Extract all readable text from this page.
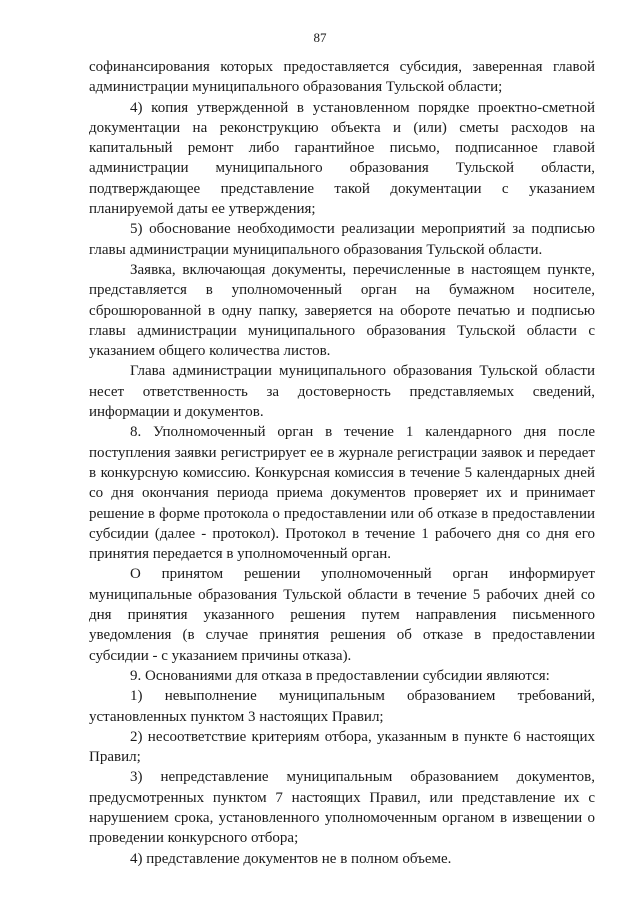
87

софинансирования которых предоставляется субсидия, заверенная главой администрации муниципального образования Тульской области;

4) копия утвержденной в установленном порядке проектно-сметной документации на реконструкцию объекта и (или) сметы расходов на капитальный ремонт либо гарантийное письмо, подписанное главой администрации муниципального образования Тульской области, подтверждающее представление такой документации с указанием планируемой даты ее утверждения;

5) обоснование необходимости реализации мероприятий за подписью главы администрации муниципального образования Тульской области.

Заявка, включающая документы, перечисленные в настоящем пункте, представляется в уполномоченный орган на бумажном носителе, сброшюрованной в одну папку, заверяется на обороте печатью и подписью главы администрации муниципального образования Тульской области с указанием общего количества листов.

Глава администрации муниципального образования Тульской области несет ответственность за достоверность представляемых сведений, информации и документов.

8. Уполномоченный орган в течение 1 календарного дня после поступления заявки регистрирует ее в журнале регистрации заявок и передает в конкурсную комиссию. Конкурсная комиссия в течение 5 календарных дней со дня окончания периода приема документов проверяет их и принимает решение в форме протокола о предоставлении или об отказе в предоставлении субсидии (далее - протокол). Протокол в течение 1 рабочего дня со дня его принятия передается в уполномоченный орган.

О принятом решении уполномоченный орган информирует муниципальные образования Тульской области в течение 5 рабочих дней со дня принятия указанного решения путем направления письменного уведомления (в случае принятия решения об отказе в предоставлении субсидии - с указанием причины отказа).

9. Основаниями для отказа в предоставлении субсидии являются:

1) невыполнение муниципальным образованием требований, установленных пунктом 3 настоящих Правил;

2) несоответствие критериям отбора, указанным в пункте 6 настоящих Правил;

3) непредставление муниципальным образованием документов, предусмотренных пунктом 7 настоящих Правил, или представление их с нарушением срока, установленного уполномоченным органом в извещении о проведении конкурсного отбора;

4) представление документов не в полном объеме.
